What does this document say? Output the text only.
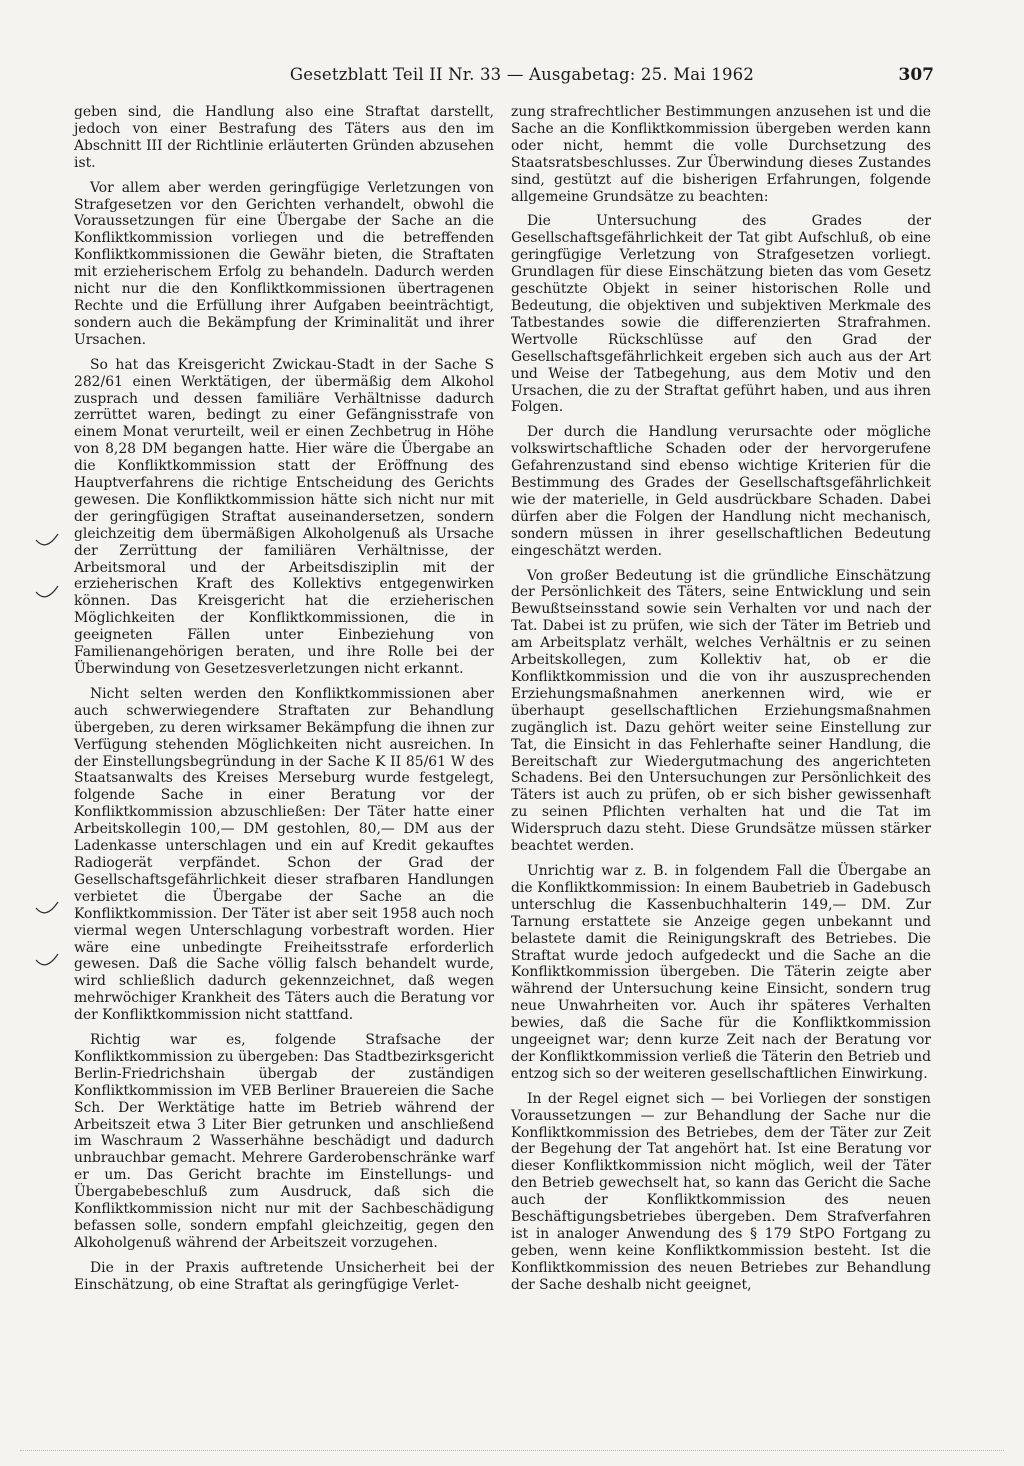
Gesetzblatt Teil II Nr. 33 — Ausgabetag: 25. Mai 1962	307

geben sind, die Handlung also eine Straftat darstellt, jedoch von einer Bestrafung des Täters aus den im Abschnitt III der Richtlinie erläuterten Gründen abzusehen ist.

Vor allem aber werden geringfügige Verletzungen von Strafgesetzen vor den Gerichten verhandelt, obwohl die Voraussetzungen für eine Übergabe der Sache an die Konfliktkommission vorliegen und die betreffenden Konfliktkommissionen die Gewähr bieten, die Straftaten mit erzieherischem Erfolg zu behandeln. Dadurch werden nicht nur die den Konfliktkommissionen übertragenen Rechte und die Erfüllung ihrer Aufgaben beeinträchtigt, sondern auch die Bekämpfung der Kriminalität und ihrer Ursachen.

So hat das Kreisgericht Zwickau-Stadt in der Sache S 282/61 einen Werktätigen, der übermäßig dem Alkohol zusprach und dessen familiäre Verhältnisse dadurch zerrüttet waren, bedingt zu einer Gefängnisstrafe von einem Monat verurteilt, weil er einen Zechbetrug in Höhe von 8,28 DM begangen hatte. Hier wäre die Übergabe an die Konfliktkommission statt der Eröffnung des Hauptverfahrens die richtige Entscheidung des Gerichts gewesen. Die Konfliktkommission hätte sich nicht nur mit der geringfügigen Straftat auseinandersetzen, sondern gleichzeitig dem übermäßigen Alkoholgenuß als Ursache der Zerrüttung der familiären Verhältnisse, der Arbeitsmoral und der Arbeitsdisziplin mit der erzieherischen Kraft des Kollektivs entgegenwirken können. Das Kreisgericht hat die erzieherischen Möglichkeiten der Konfliktkommissionen, die in geeigneten Fällen unter Einbeziehung von Familienangehörigen beraten, und ihre Rolle bei der Überwindung von Gesetzesverletzungen nicht erkannt.

Nicht selten werden den Konfliktkommissionen aber auch schwerwiegendere Straftaten zur Behandlung übergeben, zu deren wirksamer Bekämpfung die ihnen zur Verfügung stehenden Möglichkeiten nicht ausreichen. In der Einstellungsbegründung in der Sache K II 85/61 W des Staatsanwalts des Kreises Merseburg wurde festgelegt, folgende Sache in einer Beratung vor der Konfliktkommission abzuschließen: Der Täter hatte einer Arbeitskollegin 100,— DM gestohlen, 80,— DM aus der Ladenkasse unterschlagen und ein auf Kredit gekauftes Radiogerät verpfändet. Schon der Grad der Gesellschaftsgefährlichkeit dieser strafbaren Handlungen verbietet die Übergabe der Sache an die Konfliktkommission. Der Täter ist aber seit 1958 auch noch viermal wegen Unterschlagung vorbestraft worden. Hier wäre eine unbedingte Freiheitsstrafe erforderlich gewesen. Daß die Sache völlig falsch behandelt wurde, wird schließlich dadurch gekennzeichnet, daß wegen mehrwöchiger Krankheit des Täters auch die Beratung vor der Konfliktkommission nicht stattfand.

Richtig war es, folgende Strafsache der Konfliktkommission zu übergeben: Das Stadtbezirksgericht Berlin-Friedrichshain übergab der zuständigen Konfliktkommission im VEB Berliner Brauereien die Sache Sch. Der Werktätige hatte im Betrieb während der Arbeitszeit etwa 3 Liter Bier getrunken und anschließend im Waschraum 2 Wasserhähne beschädigt und dadurch unbrauchbar gemacht. Mehrere Garderobenschränke warf er um. Das Gericht brachte im Einstellungs- und Übergabebeschluß zum Ausdruck, daß sich die Konfliktkommission nicht nur mit der Sachbeschädigung befassen solle, sondern empfahl gleichzeitig, gegen den Alkoholgenuß während der Arbeitszeit vorzugehen.

Die in der Praxis auftretende Unsicherheit bei der Einschätzung, ob eine Straftat als geringfügige Verlet-

zung strafrechtlicher Bestimmungen anzusehen ist und die Sache an die Konfliktkommission übergeben werden kann oder nicht, hemmt die volle Durchsetzung des Staatsratsbeschlusses. Zur Überwindung dieses Zustandes sind, gestützt auf die bisherigen Erfahrungen, folgende allgemeine Grundsätze zu beachten:

Die Untersuchung des Grades der Gesellschaftsgefährlichkeit der Tat gibt Aufschluß, ob eine geringfügige Verletzung von Strafgesetzen vorliegt. Grundlagen für diese Einschätzung bieten das vom Gesetz geschützte Objekt in seiner historischen Rolle und Bedeutung, die objektiven und subjektiven Merkmale des Tatbestandes sowie die differenzierten Strafrahmen. Wertvolle Rückschlüsse auf den Grad der Gesellschaftsgefährlichkeit ergeben sich auch aus der Art und Weise der Tatbegehung, aus dem Motiv und den Ursachen, die zu der Straftat geführt haben, und aus ihren Folgen.

Der durch die Handlung verursachte oder mögliche volkswirtschaftliche Schaden oder der hervorgerufene Gefahrenzustand sind ebenso wichtige Kriterien für die Bestimmung des Grades der Gesellschaftsgefährlichkeit wie der materielle, in Geld ausdrückbare Schaden. Dabei dürfen aber die Folgen der Handlung nicht mechanisch, sondern müssen in ihrer gesellschaftlichen Bedeutung eingeschätzt werden.

Von großer Bedeutung ist die gründliche Einschätzung der Persönlichkeit des Täters, seine Entwicklung und sein Bewußtseinsstand sowie sein Verhalten vor und nach der Tat. Dabei ist zu prüfen, wie sich der Täter im Betrieb und am Arbeitsplatz verhält, welches Verhältnis er zu seinen Arbeitskollegen, zum Kollektiv hat, ob er die Konfliktkommission und die von ihr auszusprechenden Erziehungsmaßnahmen anerkennen wird, wie er überhaupt gesellschaftlichen Erziehungsmaßnahmen zugänglich ist. Dazu gehört weiter seine Einstellung zur Tat, die Einsicht in das Fehlerhafte seiner Handlung, die Bereitschaft zur Wiedergutmachung des angerichteten Schadens. Bei den Untersuchungen zur Persönlichkeit des Täters ist auch zu prüfen, ob er sich bisher gewissenhaft zu seinen Pflichten verhalten hat und die Tat im Widerspruch dazu steht. Diese Grundsätze müssen stärker beachtet werden.

Unrichtig war z. B. in folgendem Fall die Übergabe an die Konfliktkommission: In einem Baubetrieb in Gadebusch unterschlug die Kassenbuchhalterin 149,— DM. Zur Tarnung erstattete sie Anzeige gegen unbekannt und belastete damit die Reinigungskraft des Betriebes. Die Straftat wurde jedoch aufgedeckt und die Sache an die Konfliktkommission übergeben. Die Täterin zeigte aber während der Untersuchung keine Einsicht, sondern trug neue Unwahrheiten vor. Auch ihr späteres Verhalten bewies, daß die Sache für die Konfliktkommission ungeeignet war; denn kurze Zeit nach der Beratung vor der Konfliktkommission verließ die Täterin den Betrieb und entzog sich so der weiteren gesellschaftlichen Einwirkung.

In der Regel eignet sich — bei Vorliegen der sonstigen Voraussetzungen — zur Behandlung der Sache nur die Konfliktkommission des Betriebes, dem der Täter zur Zeit der Begehung der Tat angehört hat. Ist eine Beratung vor dieser Konfliktkommission nicht möglich, weil der Täter den Betrieb gewechselt hat, so kann das Gericht die Sache auch der Konfliktkommission des neuen Beschäftigungsbetriebes übergeben. Dem Strafverfahren ist in analoger Anwendung des § 179 StPO Fortgang zu geben, wenn keine Konfliktkommission besteht. Ist die Konfliktkommission des neuen Betriebes zur Behandlung der Sache deshalb nicht geeignet,
